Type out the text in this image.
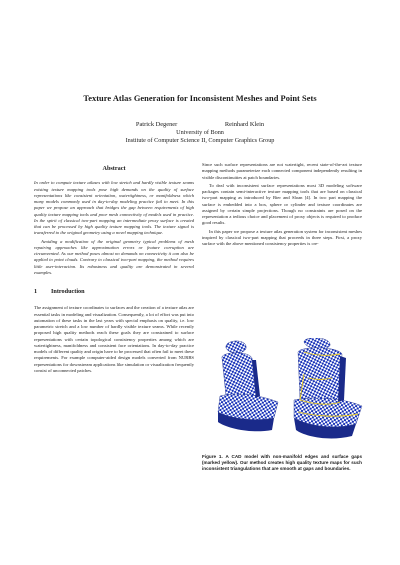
Texture Atlas Generation for Inconsistent Meshes and Point Sets
Patrick Degener	Reinhard Klein
University of Bonn
Institute of Computer Science II, Computer Graphics Group
Abstract

In order to compute texture atlases with low stretch and hardly visible texture seams existing texture mapping tools pose high demands on the quality of surface representations like consistent orientation, watertightness, or manifoldness which many models commonly used in day-to-day modeling practice fail to meet. In this paper we propose an approach that bridges the gap between requirements of high quality texture mapping tools and poor mesh connectivity of models used in practice. In the spirit of classical two-part mapping an intermediate proxy surface is created that can be processed by high quality texture mapping tools. The texture signal is transferred to the original geometry using a novel mapping technique.

Avoiding a modification of the original geometry typical problems of mesh repairing approaches like approximation errors or feature corruption are circumvented. As our method poses almost no demands on connectivity it can also be applied to point clouds. Contrary to classical two-part mapping, the method requires little user-interaction. Its robustness and quality are demonstrated in several examples.

1 Introduction

The assignment of texture coordinates to surfaces and the creation of a texture atlas are essential tasks in modeling and visualization. Consequently, a lot of effort was put into automation of these tasks in the last years with special emphasis on quality, i.e. low parametric stretch and a low number of hardly visible texture seams. While recently proposed high quality methods reach these goals they are constrained to surface representations with certain topological consistency properties among which are watertightness, manifoldness and consistent face orientations. In day-to-day practice models of different quality and origin have to be processed that often fail to meet these requirements. For example computer-aided design models converted from NURBS representations for downstream applications like simulation or visualization frequently consist of unconnected patches.

Since such surface representations are not watertight, recent state-of-the-art texture mapping methods parameterize each connected component independently resulting in visible discontinuities at patch boundaries.

To deal with inconsistent surface representations most 3D modeling software packages contain semi-interactive texture mapping tools that are based on classical two-part mapping as introduced by Bier and Sloan [4]. In two part mapping the surface is embedded into a box, sphere or cylinder and texture coordinates are assigned by certain simple projections. Though no constraints are posed on the representation a tedious choice and placement of proxy objects is required to produce good results.

In this paper we propose a texture atlas generation system for inconsistent meshes inspired by classical two-part mapping that proceeds in three steps. First, a proxy surface with the above mentioned consistency properties is cre-

Figure 1. A CAD model with non-manifold edges and surface gaps (marked yellow). Our method creates high quality texture maps for such inconsistent triangulations that are smooth at gaps and boundaries.
